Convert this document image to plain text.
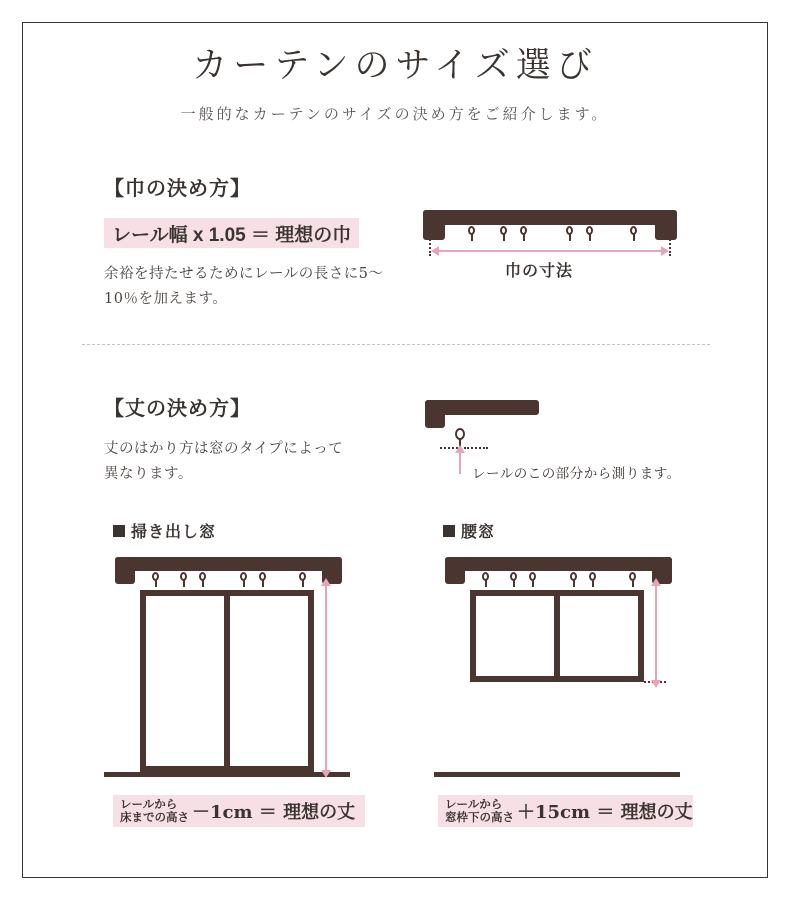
カーテンのサイズ選び
一般的なカーテンのサイズの決め方をご紹介します。
【巾の決め方】
レール幅 x 1.05 ＝ 理想の巾
余裕を持たせるためにレールの長さに5〜10％を加えます。
巾の寸法
【丈の決め方】
丈のはかり方は窓のタイプによって異なります。	レールのこの部分から測ります。
掃き出し窓
レールから
床までの高さ －1cm ＝ 理想の丈
腰窓
レールから
窓枠下の高さ ＋15cm ＝ 理想の丈
